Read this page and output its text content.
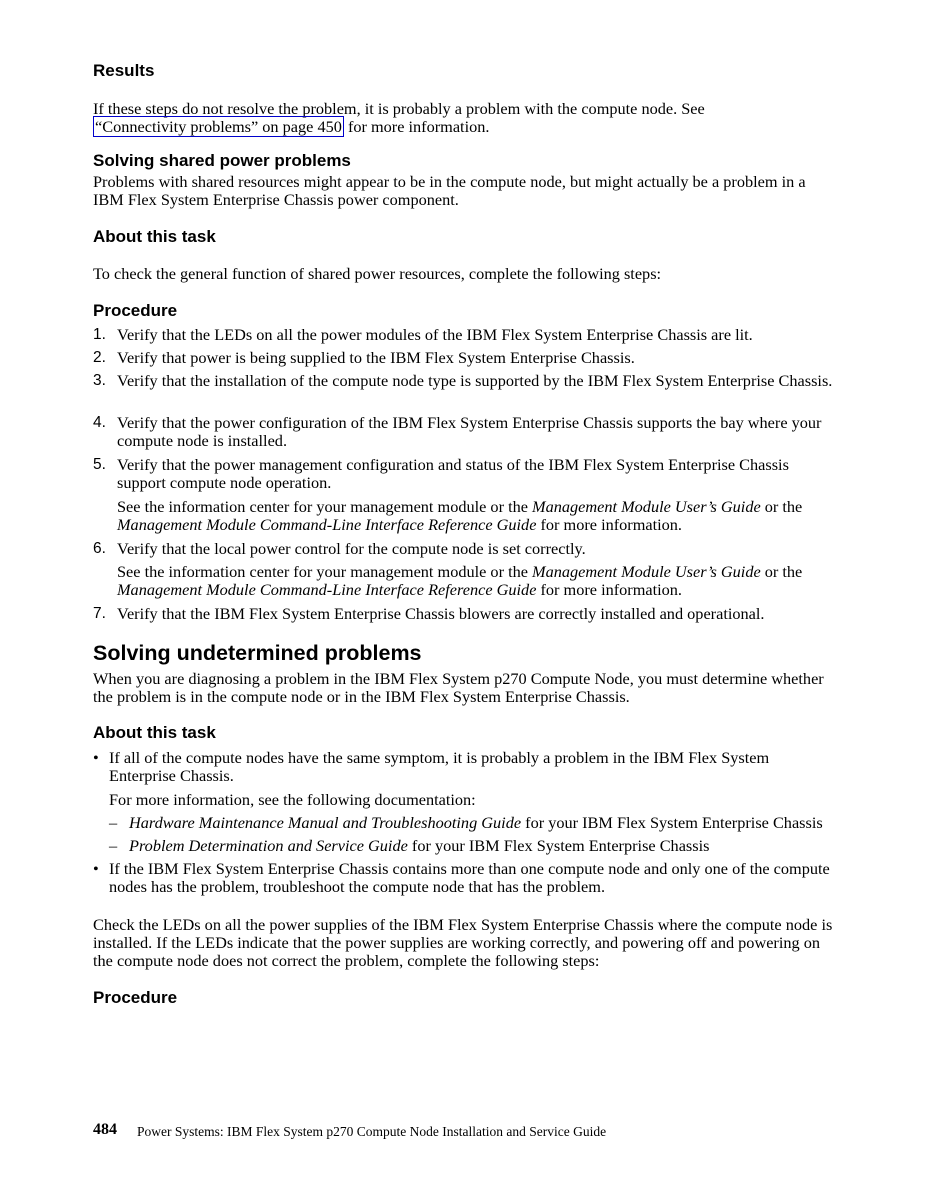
Results

If these steps do not resolve the problem, it is probably a problem with the compute node. See
“Connectivity problems” on page 450 for more information.

Solving shared power problems

Problems with shared resources might appear to be in the compute node, but might actually be a problem in a IBM Flex System Enterprise Chassis power component.

About this task

To check the general function of shared power resources, complete the following steps:

Procedure
1. Verify that the LEDs on all the power modules of the IBM Flex System Enterprise Chassis are lit.

2. Verify that power is being supplied to the IBM Flex System Enterprise Chassis.

3. Verify that the installation of the compute node type is supported by the IBM Flex System Enterprise Chassis.

4. Verify that the power configuration of the IBM Flex System Enterprise Chassis supports the bay where your compute node is installed.

5. Verify that the power management configuration and status of the IBM Flex System Enterprise Chassis support compute node operation.

See the information center for your management module or the Management Module User’s Guide or the Management Module Command-Line Interface Reference Guide for more information.

6. Verify that the local power control for the compute node is set correctly.

See the information center for your management module or the Management Module User’s Guide or the Management Module Command-Line Interface Reference Guide for more information.

7. Verify that the IBM Flex System Enterprise Chassis blowers are correctly installed and operational.

Solving undetermined problems

When you are diagnosing a problem in the IBM Flex System p270 Compute Node, you must determine whether the problem is in the compute node or in the IBM Flex System Enterprise Chassis.

About this task
• If all of the compute nodes have the same symptom, it is probably a problem in the IBM Flex System Enterprise Chassis.

For more information, see the following documentation:

– Hardware Maintenance Manual and Troubleshooting Guide for your IBM Flex System Enterprise Chassis

– Problem Determination and Service Guide for your IBM Flex System Enterprise Chassis

• If the IBM Flex System Enterprise Chassis contains more than one compute node and only one of the compute nodes has the problem, troubleshoot the compute node that has the problem.

Check the LEDs on all the power supplies of the IBM Flex System Enterprise Chassis where the compute node is installed. If the LEDs indicate that the power supplies are working correctly, and powering off and powering on the compute node does not correct the problem, complete the following steps:

Procedure
484 Power Systems: IBM Flex System p270 Compute Node Installation and Service Guide
